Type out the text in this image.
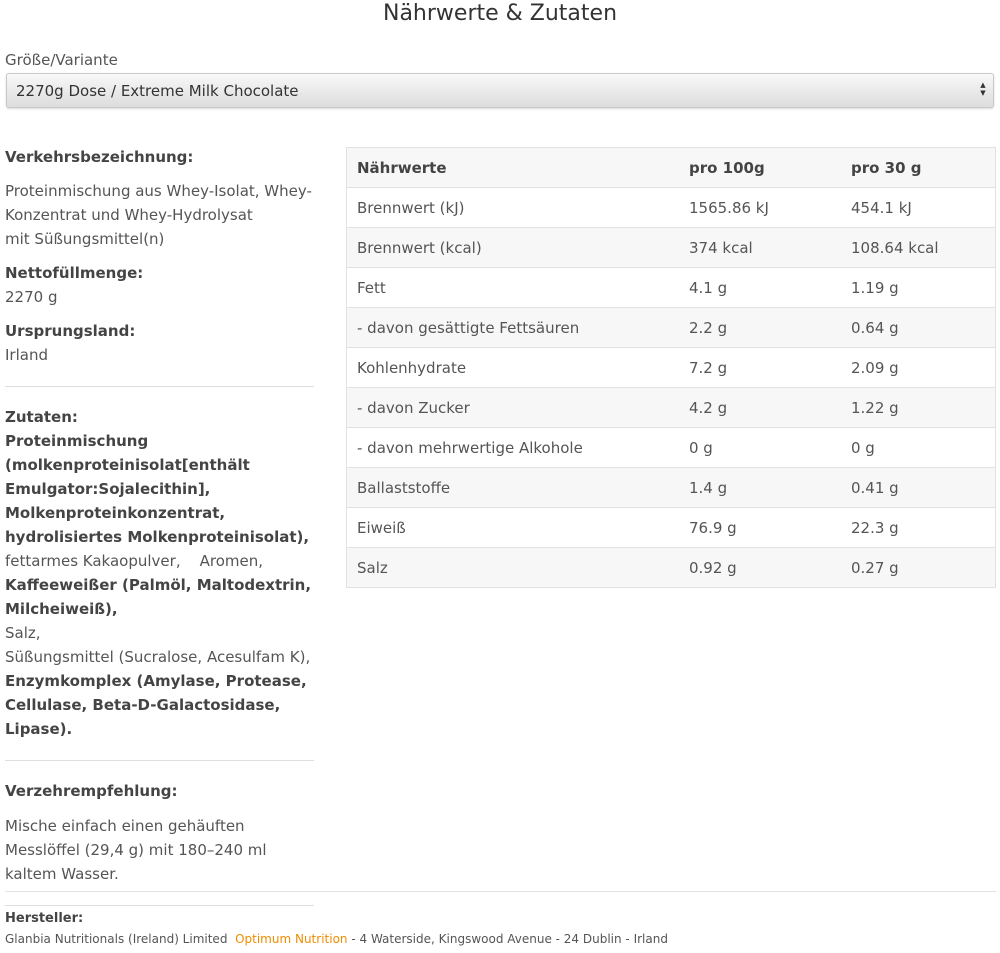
Nährwerte & Zutaten
Größe/Variante
2270g Dose / Extreme Milk Chocolate	▲
▼
Verkehrsbezeichnung:
Proteinmischung aus Whey-Isolat, Whey-
Konzentrat und Whey-Hydrolysat
mit Süßungsmittel(n)
Nettofüllmenge:
2270 g
Ursprungsland:
Irland
Zutaten:
Proteinmischung (molkenproteinisolat[enthält Emulgator:Sojalecithin], Molkenproteinkonzentrat, hydrolisiertes Molkenproteinisolat),
fettarmes Kakaopulver,    Aromen,
Kaffeeweißer (Palmöl, Maltodextrin, Milcheiweiß),
Salz,
Süßungsmittel (Sucralose, Acesulfam K),
Enzymkomplex (Amylase, Protease, Cellulase, Beta-D-Galactosidase, Lipase).
Verzehrempfehlung:
Mische einfach einen gehäuften Messlöffel (29,4 g) mit 180–240 ml kaltem Wasser.
Nährwerte	pro 100g	pro 30 g
Brennwert (kJ)	1565.86 kJ	454.1 kJ
Brennwert (kcal)	374 kcal	108.64 kcal
Fett	4.1 g	1.19 g
- davon gesättigte Fettsäuren	2.2 g	0.64 g
Kohlenhydrate	7.2 g	2.09 g
- davon Zucker	4.2 g	1.22 g
- davon mehrwertige Alkohole	0 g	0 g
Ballaststoffe	1.4 g	0.41 g
Eiweiß	76.9 g	22.3 g
Salz	0.92 g	0.27 g
Hersteller:
Glanbia Nutritionals (Ireland) Limited Optimum Nutrition - 4 Waterside, Kingswood Avenue - 24 Dublin - Irland
